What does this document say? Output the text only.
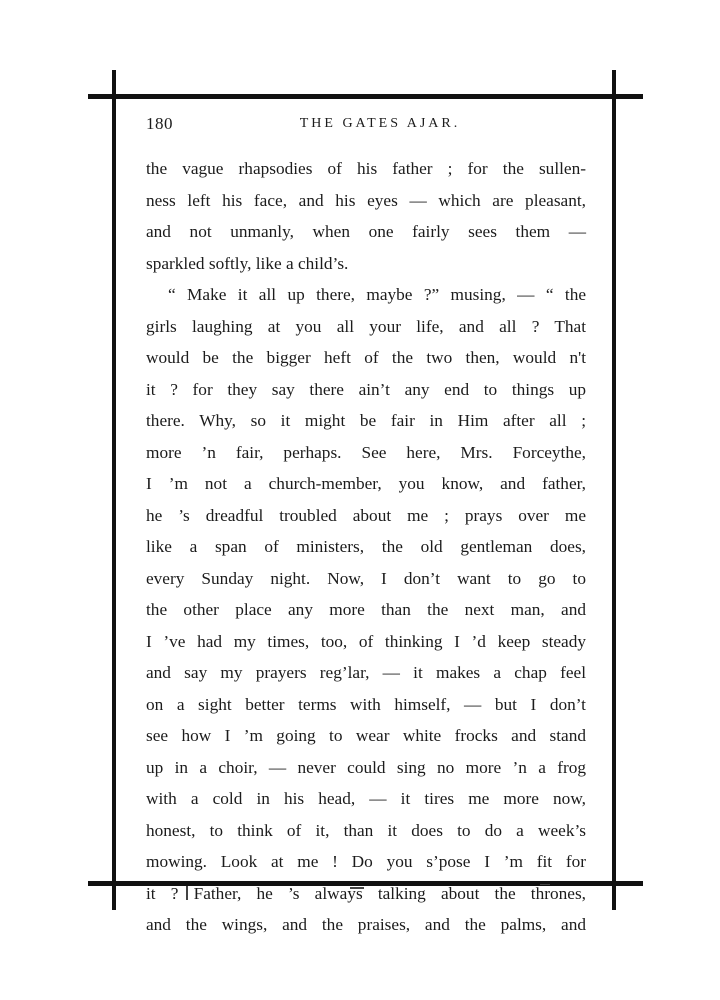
180	THE GATES AJAR.
the vague rhapsodies of his father ; for the sullen-
ness left his face, and his eyes — which are pleasant,
and not unmanly, when one fairly sees them —
sparkled softly, like a child’s.
“ Make it all up there, maybe ?” musing, — “ the
girls laughing at you all your life, and all ? That
would be the bigger heft of the two then, would n't
it ? for they say there ain’t any end to things up
there. Why, so it might be fair in Him after all ;
more ’n fair, perhaps. See here, Mrs. Forceythe,
I ’m not a church-member, you know, and father,
he ’s dreadful troubled about me ; prays over me
like a span of ministers, the old gentleman does,
every Sunday night. Now, I don’t want to go to
the other place any more than the next man, and
I ’ve had my times, too, of thinking I ’d keep steady
and say my prayers reg’lar, — it makes a chap feel
on a sight better terms with himself, — but I don’t
see how I ’m going to wear white frocks and stand
up in a choir, — never could sing no more ’n a frog
with a cold in his head, — it tires me more now,
honest, to think of it, than it does to do a week’s
mowing. Look at me ! Do you s’pose I ’m fit for
it ? Father, he ’s always talking about the thrones,
and the wings, and the praises, and the palms, and
